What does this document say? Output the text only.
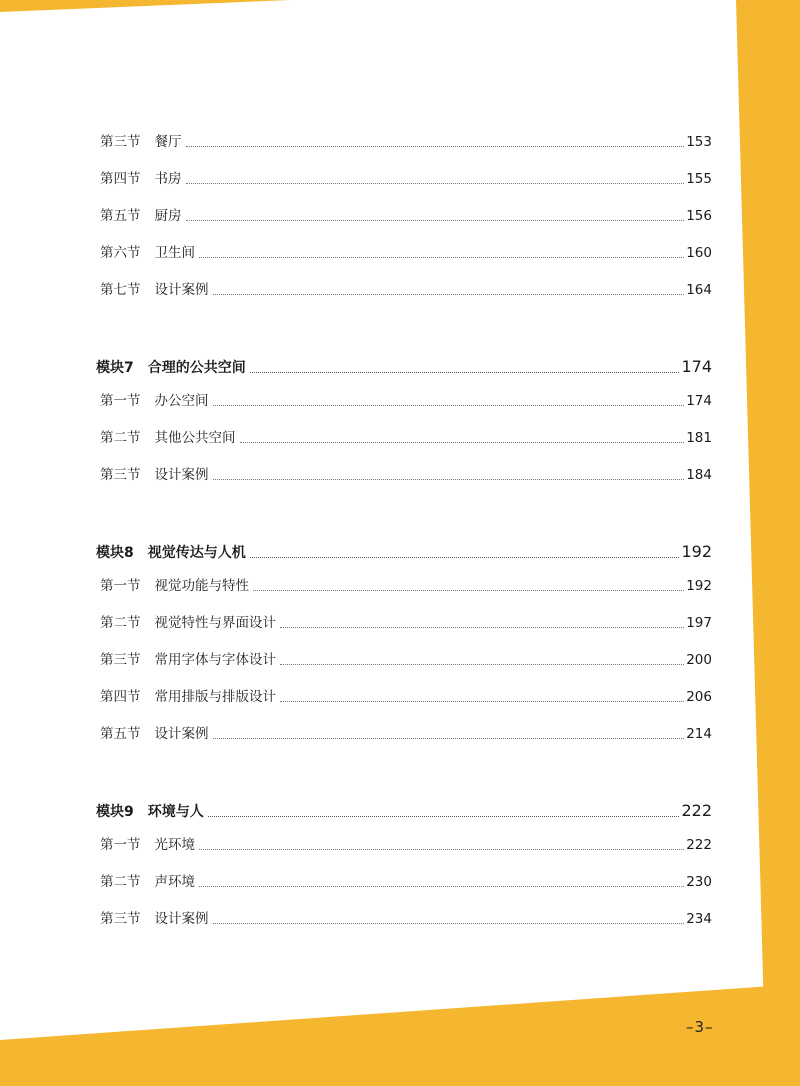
第三节 餐厅	153
第四节 书房	155
第五节 厨房	156
第六节 卫生间	160
第七节 设计案例	164
模块7 合理的公共空间	174
第一节 办公空间	174
第二节 其他公共空间	181
第三节 设计案例	184
模块8 视觉传达与人机	192
第一节 视觉功能与特性	192
第二节 视觉特性与界面设计	197
第三节 常用字体与字体设计	200
第四节 常用排版与排版设计	206
第五节 设计案例	214
模块9 环境与人	222
第一节 光环境	222
第二节 声环境	230
第三节 设计案例	234
–3–
